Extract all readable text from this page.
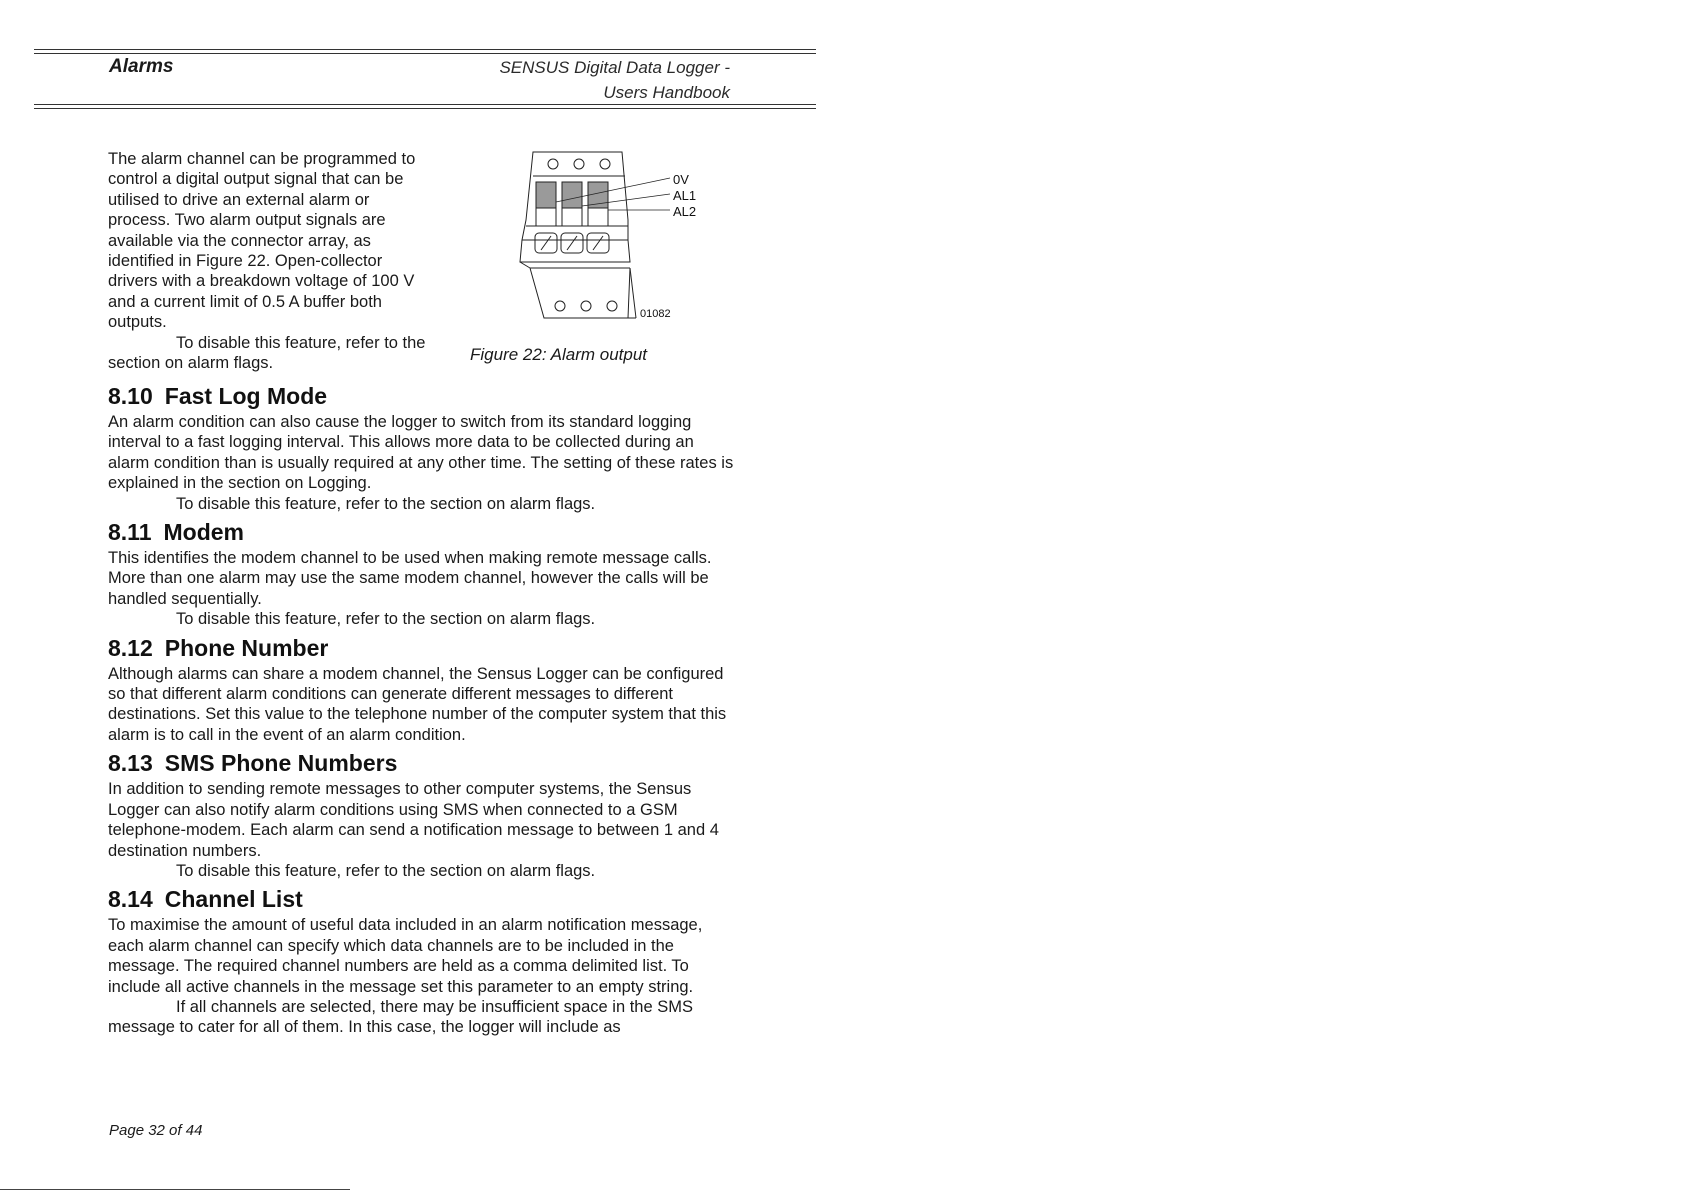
Alarms	SENSUS Digital Data Logger -
Users Handbook

The alarm channel can be programmed to control a digital output signal that can be utilised to drive an external alarm or process. Two alarm output signals are available via the connector array, as identified in Figure 22. Open-collector drivers with a breakdown voltage of 100 V and a current limit of 0.5 A buffer both outputs.

To disable this feature, refer to the section on alarm flags.

0V
AL1
AL2
01082
Figure 22: Alarm output
8.10 Fast Log Mode

An alarm condition can also cause the logger to switch from its standard logging interval to a fast logging interval. This allows more data to be collected during an alarm condition than is usually required at any other time. The setting of these rates is explained in the section on Logging.

To disable this feature, refer to the section on alarm flags.

8.11 Modem

This identifies the modem channel to be used when making remote message calls. More than one alarm may use the same modem channel, however the calls will be handled sequentially.

To disable this feature, refer to the section on alarm flags.

8.12 Phone Number

Although alarms can share a modem channel, the Sensus Logger can be configured so that different alarm conditions can generate different messages to different destinations. Set this value to the telephone number of the computer system that this alarm is to call in the event of an alarm condition.

8.13 SMS Phone Numbers

In addition to sending remote messages to other computer systems, the Sensus Logger can also notify alarm conditions using SMS when connected to a GSM telephone-modem. Each alarm can send a notification message to between 1 and 4 destination numbers.

To disable this feature, refer to the section on alarm flags.

8.14 Channel List

To maximise the amount of useful data included in an alarm notification message, each alarm channel can specify which data channels are to be included in the message. The required channel numbers are held as a comma delimited list. To include all active channels in the message set this parameter to an empty string.

If all channels are selected, there may be insufficient space in the SMS message to cater for all of them. In this case, the logger will include as

Page 32 of 44
